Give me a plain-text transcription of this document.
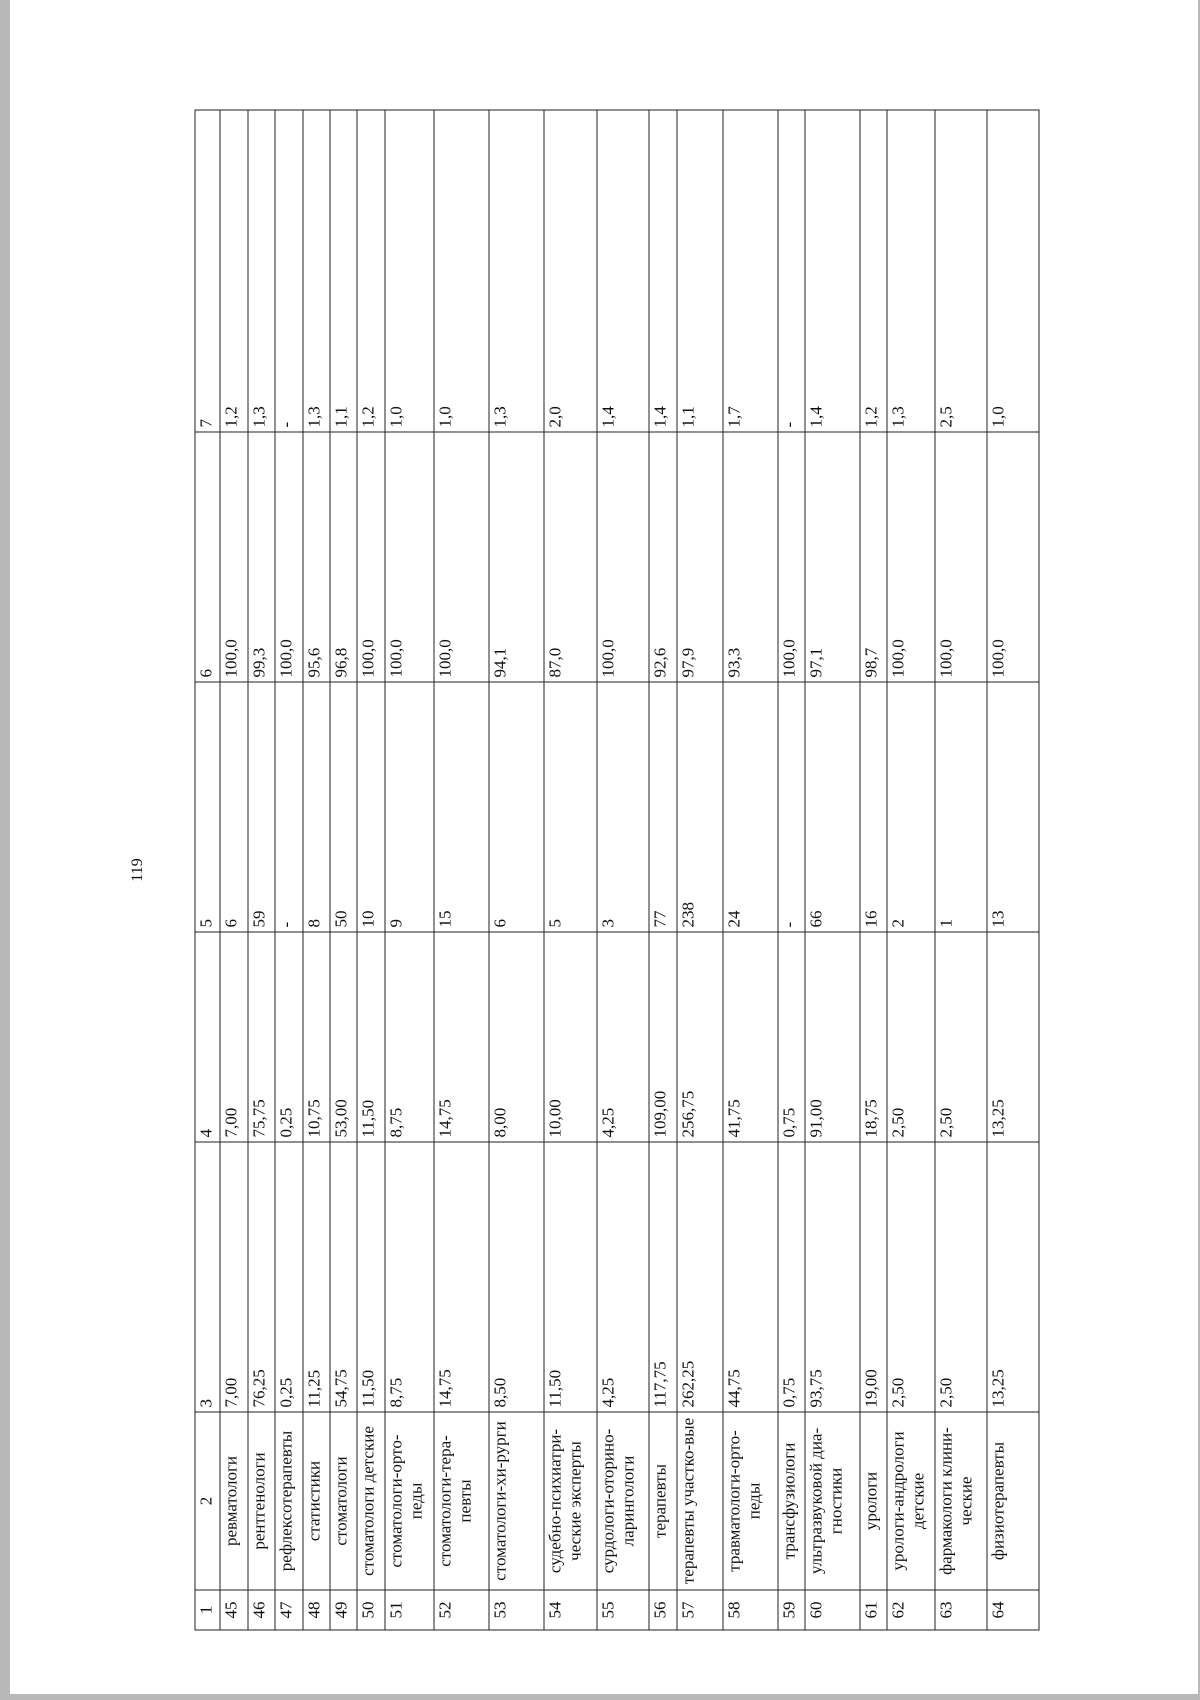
119
1	2	3	4	5	6	7
45	ревматологи	7,00	7,00	6	100,0	1,2
46	рентгенологи	76,25	75,75	59	99,3	1,3
47	рефлексотерапевты	0,25	0,25	-	100,0	-
48	статистики	11,25	10,75	8	95,6	1,3
49	стоматологи	54,75	53,00	50	96,8	1,1
50	стоматологи детские	11,50	11,50	10	100,0	1,2
51	стоматологи-орто-педы	8,75	8,75	9	100,0	1,0
52	стоматологи-тера-певты	14,75	14,75	15	100,0	1,0
53	стоматологи-хи-рурги	8,50	8,00	6	94,1	1,3
54	судебно-психиатри-ческие эксперты	11,50	10,00	5	87,0	2,0
55	сурдологи-оторино-ларингологи	4,25	4,25	3	100,0	1,4
56	терапевты	117,75	109,00	77	92,6	1,4
57	терапевты участко-вые	262,25	256,75	238	97,9	1,1
58	травматологи-орто-педы	44,75	41,75	24	93,3	1,7
59	трансфузиологи	0,75	0,75	-	100,0	-
60	ультразвуковой диа-гностики	93,75	91,00	66	97,1	1,4
61	урологи	19,00	18,75	16	98,7	1,2
62	урологи-андрологи детские	2,50	2,50	2	100,0	1,3
63	фармакологи клини-ческие	2,50	2,50	1	100,0	2,5
64	физиотерапевты	13,25	13,25	13	100,0	1,0
